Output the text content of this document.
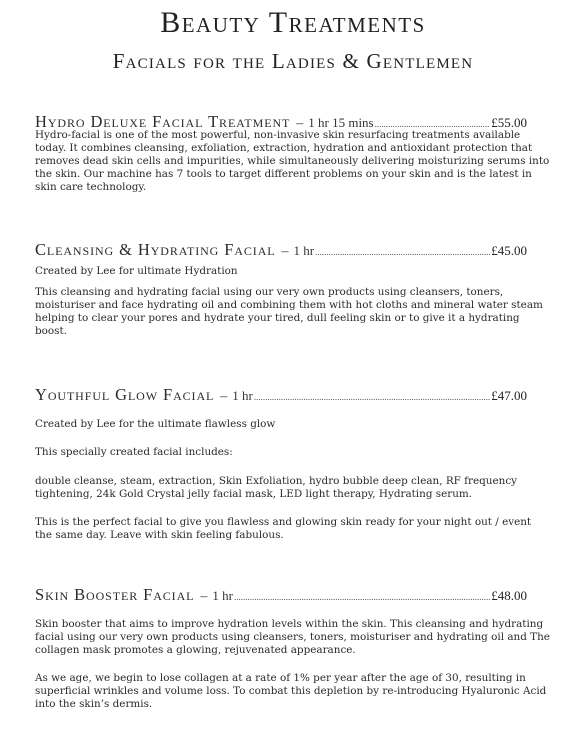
Beauty Treatments
Facials for the Ladies & Gentlemen
Hydro Deluxe Facial Treatment – 1 hr 15 mins .....	£55.00
Hydro-facial is one of the most powerful, non-invasive skin resurfacing treatments available today. It combines cleansing, exfoliation, extraction, hydration and antioxidant protection that removes dead skin cells and impurities, while simultaneously delivering moisturizing serums into the skin. Our machine has 7 tools to target different problems on your skin and is the latest in skin care technology.
Cleansing & Hydrating Facial – 1 hr .....	£45.00
Created by Lee for ultimate Hydration
This cleansing and hydrating facial using our very own products using cleansers, toners, moisturiser and face hydrating oil and combining them with hot cloths and mineral water steam helping to clear your pores and hydrate your tired, dull feeling skin or to give it a hydrating boost.
Youthful Glow Facial – 1 hr .....	£47.00
Created by Lee for the ultimate flawless glow
This specially created facial includes:
double cleanse, steam, extraction, Skin Exfoliation, hydro bubble deep clean, RF frequency tightening, 24k Gold Crystal jelly facial mask, LED light therapy, Hydrating serum.
This is the perfect facial to give you flawless and glowing skin ready for your night out / event the same day. Leave with skin feeling fabulous.
Skin Booster Facial – 1 hr .....	£48.00
Skin booster that aims to improve hydration levels within the skin. This cleansing and hydrating facial using our very own products using cleansers, toners, moisturiser and hydrating oil and The collagen mask promotes a glowing, rejuvenated appearance.
As we age, we begin to lose collagen at a rate of 1% per year after the age of 30, resulting in superficial wrinkles and volume loss. To combat this depletion by re-introducing Hyaluronic Acid into the skin’s dermis.
